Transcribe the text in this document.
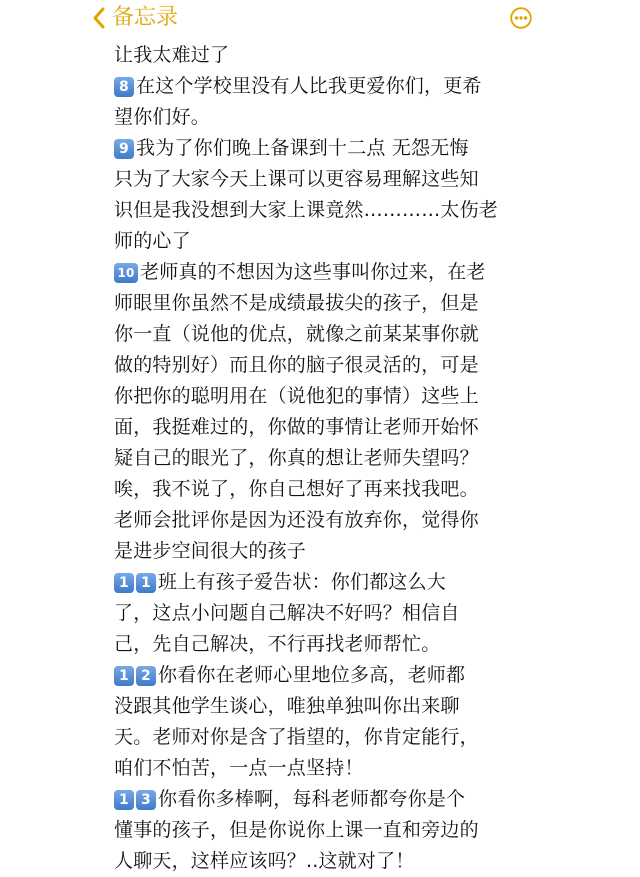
备忘录
让我太难过了
8 在这个学校里没有人比我更爱你们，更希
望你们好。
9 我为了你们晚上备课到十二点 无怨无悔
只为了大家今天上课可以更容易理解这些知
识但是我没想到大家上课竟然…………太伤老
师的心了
10 老师真的不想因为这些事叫你过来，在老
师眼里你虽然不是成绩最拔尖的孩子，但是
你一直（说他的优点，就像之前某某事你就
做的特别好）而且你的脑子很灵活的，可是
你把你的聪明用在（说他犯的事情）这些上
面，我挺难过的，你做的事情让老师开始怀
疑自己的眼光了，你真的想让老师失望吗？
唉，我不说了，你自己想好了再来找我吧。
老师会批评你是因为还没有放弃你，觉得你
是进步空间很大的孩子
1 1 班上有孩子爱告状：你们都这么大
了，这点小问题自己解决不好吗？相信自
己，先自己解决，不行再找老师帮忙。
1 2 你看你在老师心里地位多高，老师都
没跟其他学生谈心，唯独单独叫你出来聊
天。老师对你是含了指望的，你肯定能行，
咱们不怕苦，一点一点坚持！
1 3 你看你多棒啊，每科老师都夸你是个
懂事的孩子，但是你说你上课一直和旁边的
人聊天，这样应该吗？..这就对了！
